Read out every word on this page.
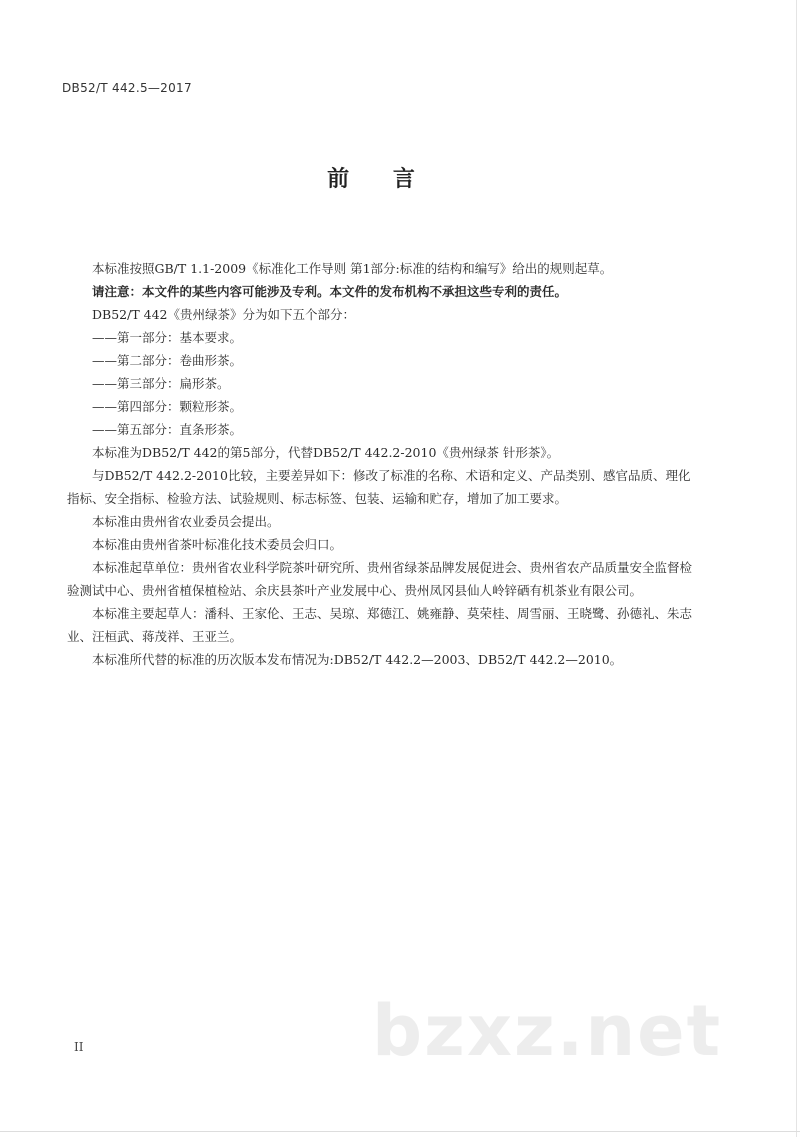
DB52/T 442.5—2017
前 言

本标准按照GB/T 1.1-2009《标准化工作导则 第1部分:标准的结构和编写》给出的规则起草。

请注意：本文件的某些内容可能涉及专利。本文件的发布机构不承担这些专利的责任。

DB52/T 442《贵州绿茶》分为如下五个部分：

——第一部分：基本要求。

——第二部分：卷曲形茶。

——第三部分：扁形茶。

——第四部分：颗粒形茶。

——第五部分：直条形茶。

本标准为DB52/T 442的第5部分，代替DB52/T 442.2-2010《贵州绿茶 针形茶》。

与DB52/T 442.2-2010比较，主要差异如下：修改了标准的名称、术语和定义、产品类别、感官品质、理化指标、安全指标、检验方法、试验规则、标志标签、包装、运输和贮存，增加了加工要求。

本标准由贵州省农业委员会提出。

本标准由贵州省茶叶标准化技术委员会归口。

本标准起草单位：贵州省农业科学院茶叶研究所、贵州省绿茶品牌发展促进会、贵州省农产品质量安全监督检验测试中心、贵州省植保植检站、余庆县茶叶产业发展中心、贵州凤冈县仙人岭锌硒有机茶业有限公司。

本标准主要起草人：潘科、王家伦、王志、吴琼、郑德江、姚雍静、莫荣桂、周雪丽、王晓鹭、孙德礼、朱志业、汪桓武、蒋茂祥、王亚兰。

本标准所代替的标准的历次版本发布情况为:DB52/T 442.2—2003、DB52/T 442.2—2010。

bzxz.net
II
